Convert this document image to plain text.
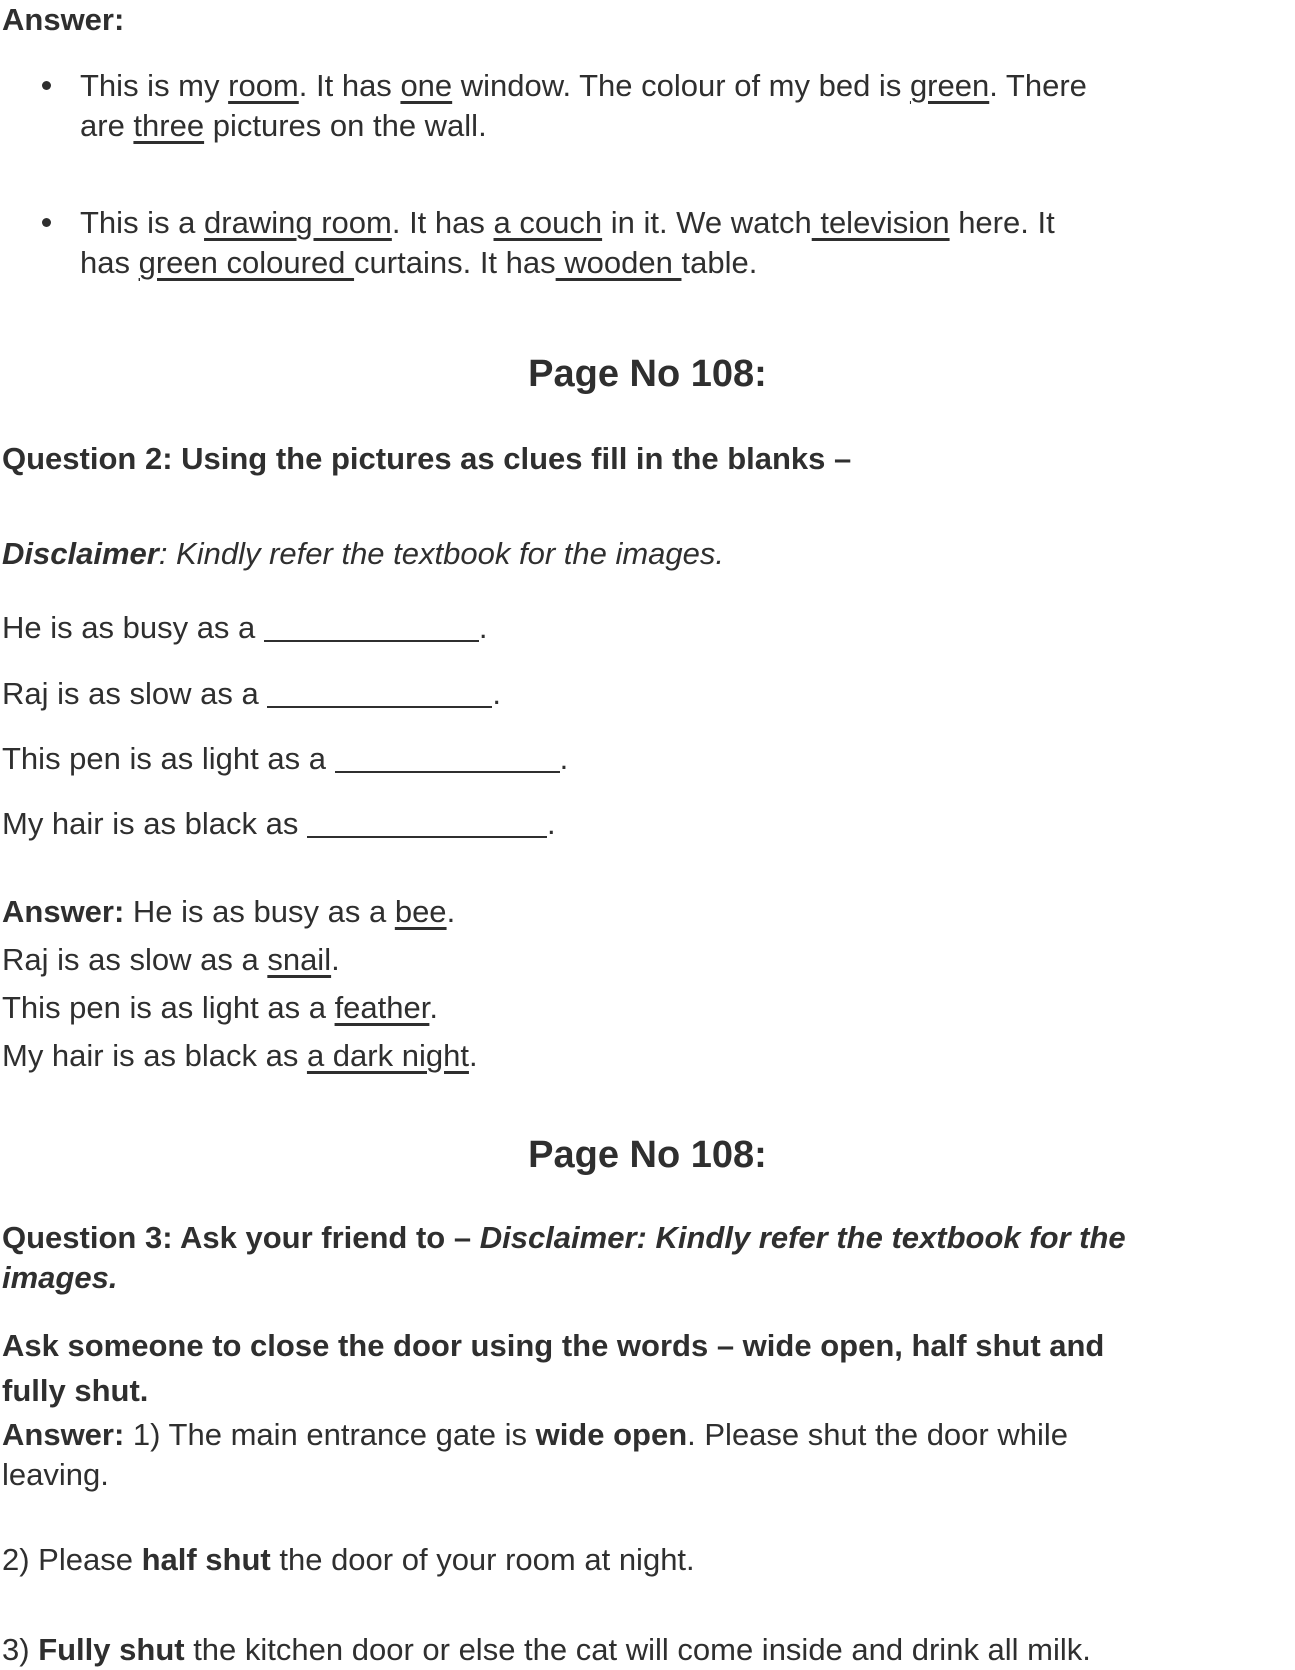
Answer:
This is my room. It has one window. The colour of my bed is green. There
are three pictures on the wall.
This is a drawing room. It has a couch in it. We watch television here. It
has green coloured curtains. It has wooden table.
Page No 108:
Question 2: Using the pictures as clues fill in the blanks –
Disclaimer: Kindly refer the textbook for the images.
He is as busy as a	.
Raj is as slow as a	.
This pen is as light as a	.
My hair is as black as	.
Answer: He is as busy as a bee.
Raj is as slow as a snail.
This pen is as light as a feather.
My hair is as black as a dark night.
Page No 108:
Question 3: Ask your friend to – Disclaimer: Kindly refer the textbook for the
images.
Ask someone to close the door using the words – wide open, half shut and
fully shut.
Answer: 1) The main entrance gate is wide open. Please shut the door while
leaving.
2) Please half shut the door of your room at night.
3) Fully shut the kitchen door or else the cat will come inside and drink all milk.
